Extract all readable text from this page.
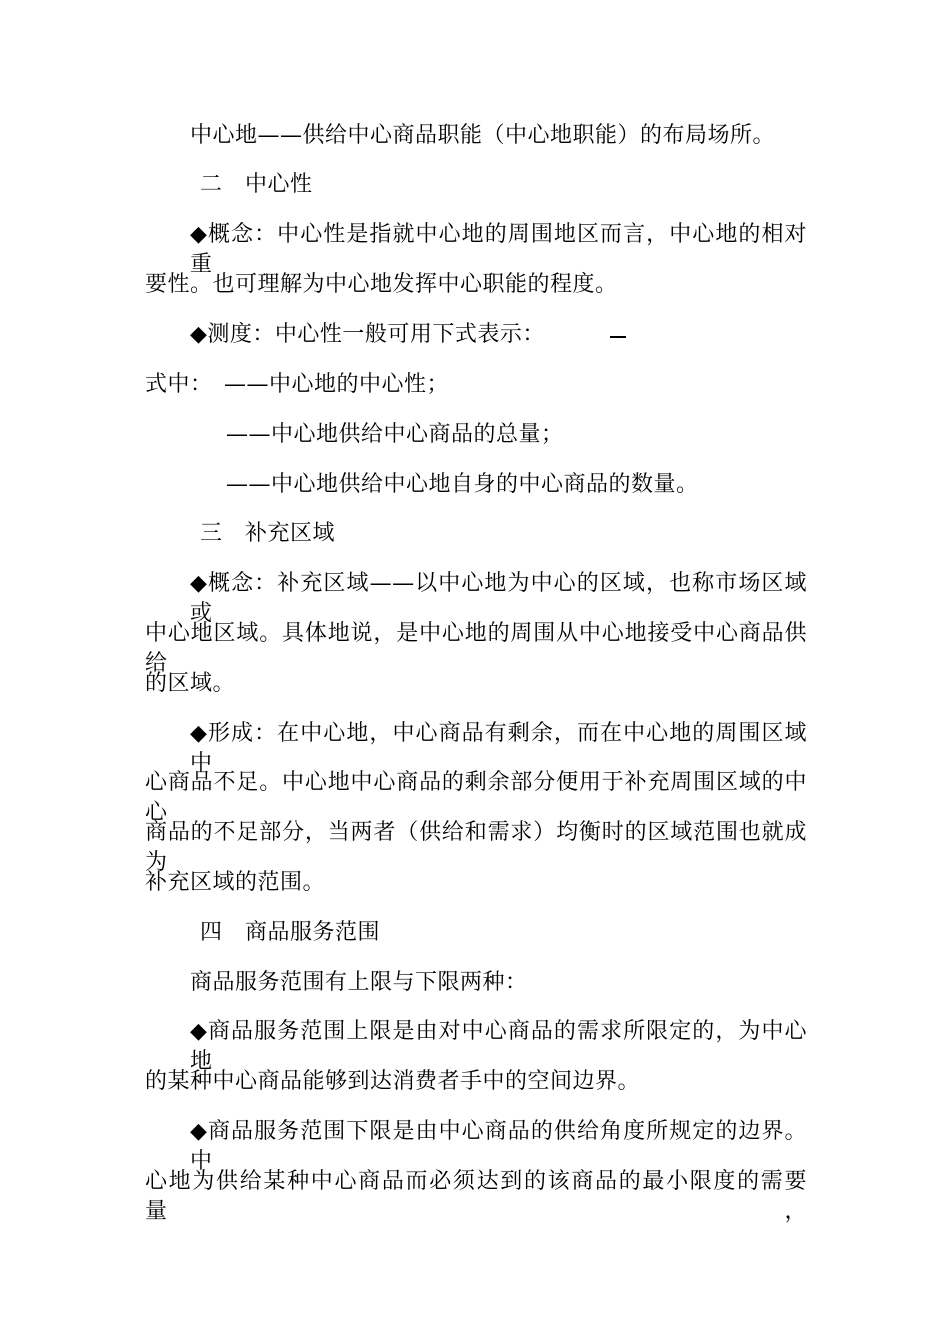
中心地——供给中心商品职能（中心地职能）的布局场所。
二　中心性
◆概念：中心性是指就中心地的周围地区而言，中心地的相对重
要性。也可理解为中心地发挥中心职能的程度。
◆测度：中心性一般可用下式表示：
式中：　——中心地的中心性；
——中心地供给中心商品的总量；
——中心地供给中心地自身的中心商品的数量。
三　补充区域
◆概念：补充区域——以中心地为中心的区域，也称市场区域或
中心地区域。具体地说，是中心地的周围从中心地接受中心商品供给
的区域。
◆形成：在中心地，中心商品有剩余，而在中心地的周围区域中
心商品不足。中心地中心商品的剩余部分便用于补充周围区域的中心
商品的不足部分，当两者（供给和需求）均衡时的区域范围也就成为
补充区域的范围。
四　商品服务范围
商品服务范围有上限与下限两种：
◆商品服务范围上限是由对中心商品的需求所限定的，为中心地
的某种中心商品能够到达消费者手中的空间边界。
◆商品服务范围下限是由中心商品的供给角度所规定的边界。中
心地为供给某种中心商品而必须达到的该商品的最小限度的需要量，
